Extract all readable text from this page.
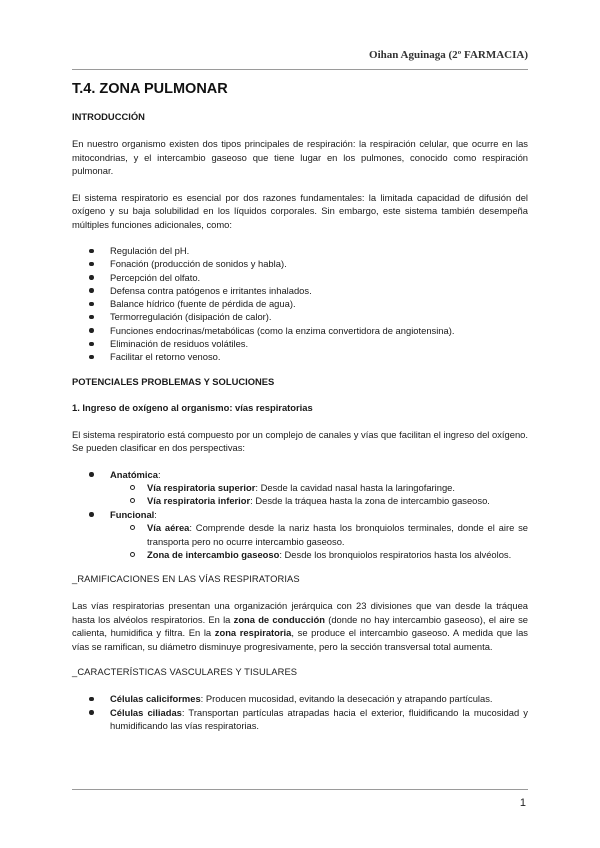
Oihan Aguinaga (2º FARMACIA)
T.4. ZONA PULMONAR
INTRODUCCIÓN

En nuestro organismo existen dos tipos principales de respiración: la respiración celular, que ocurre en las mitocondrias, y el intercambio gaseoso que tiene lugar en los pulmones, conocido como respiración pulmonar.

El sistema respiratorio es esencial por dos razones fundamentales: la limitada capacidad de difusión del oxígeno y su baja solubilidad en los líquidos corporales. Sin embargo, este sistema también desempeña múltiples funciones adicionales, como:

Regulación del pH.
Fonación (producción de sonidos y habla).
Percepción del olfato.
Defensa contra patógenos e irritantes inhalados.
Balance hídrico (fuente de pérdida de agua).
Termorregulación (disipación de calor).
Funciones endocrinas/metabólicas (como la enzima convertidora de angiotensina).
Eliminación de residuos volátiles.
Facilitar el retorno venoso.
POTENCIALES PROBLEMAS Y SOLUCIONES
1. Ingreso de oxígeno al organismo: vías respiratorias

El sistema respiratorio está compuesto por un complejo de canales y vías que facilitan el ingreso del oxígeno. Se pueden clasificar en dos perspectivas:

Anatómica:
Vía respiratoria superior: Desde la cavidad nasal hasta la laringofaringe.
Vía respiratoria inferior: Desde la tráquea hasta la zona de intercambio gaseoso.
Funcional:
Vía aérea: Comprende desde la nariz hasta los bronquiolos terminales, donde el aire se transporta pero no ocurre intercambio gaseoso.
Zona de intercambio gaseoso: Desde los bronquiolos respiratorios hasta los alvéolos.
_RAMIFICACIONES EN LAS VÍAS RESPIRATORIAS

Las vías respiratorias presentan una organización jerárquica con 23 divisiones que van desde la tráquea hasta los alvéolos respiratorios. En la zona de conducción (donde no hay intercambio gaseoso), el aire se calienta, humidifica y filtra. En la zona respiratoria, se produce el intercambio gaseoso. A medida que las vías se ramifican, su diámetro disminuye progresivamente, pero la sección transversal total aumenta.

_CARACTERÍSTICAS VASCULARES Y TISULARES
Células caliciformes: Producen mucosidad, evitando la desecación y atrapando partículas.
Células ciliadas: Transportan partículas atrapadas hacia el exterior, fluidificando la mucosidad y humidificando las vías respiratorias.
1
